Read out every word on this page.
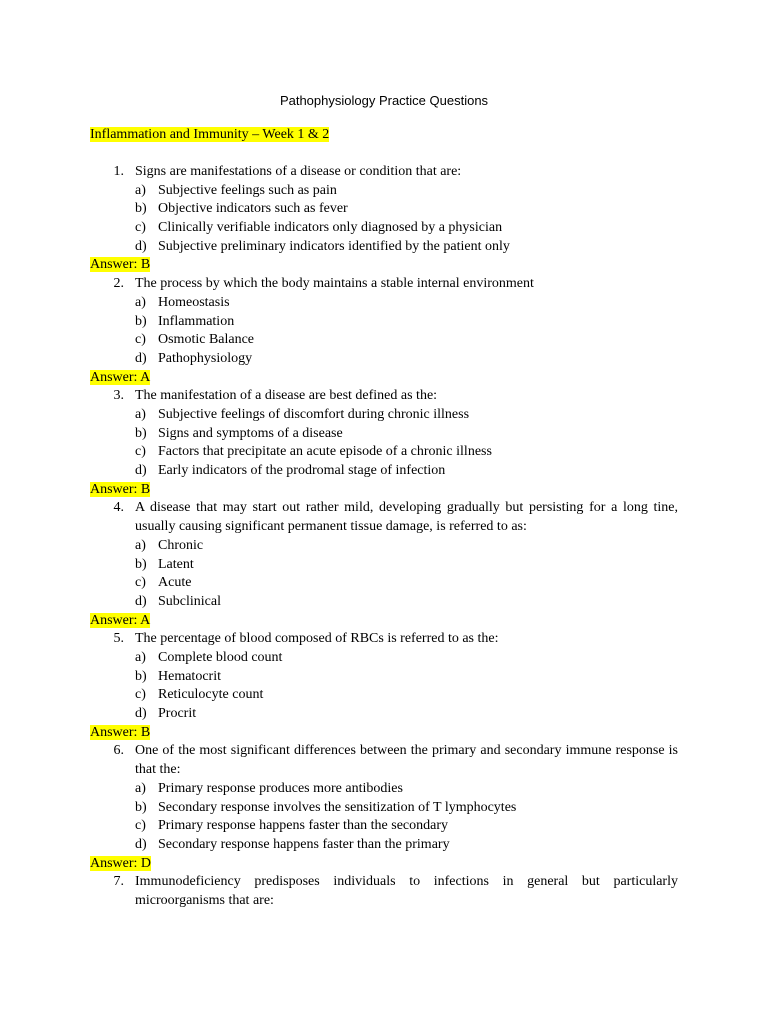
Pathophysiology Practice Questions
Inflammation and Immunity – Week 1 & 2
1. Signs are manifestations of a disease or condition that are:
a) Subjective feelings such as pain
b) Objective indicators such as fever
c) Clinically verifiable indicators only diagnosed by a physician
d) Subjective preliminary indicators identified by the patient only
Answer: B
2. The process by which the body maintains a stable internal environment
a) Homeostasis
b) Inflammation
c) Osmotic Balance
d) Pathophysiology
Answer: A
3. The manifestation of a disease are best defined as the:
a) Subjective feelings of discomfort during chronic illness
b) Signs and symptoms of a disease
c) Factors that precipitate an acute episode of a chronic illness
d) Early indicators of the prodromal stage of infection
Answer: B
4. A disease that may start out rather mild, developing gradually but persisting for a long tine, usually causing significant permanent tissue damage, is referred to as:
a) Chronic
b) Latent
c) Acute
d) Subclinical
Answer: A
5. The percentage of blood composed of RBCs is referred to as the:
a) Complete blood count
b) Hematocrit
c) Reticulocyte count
d) Procrit
Answer: B
6. One of the most significant differences between the primary and secondary immune response is that the:
a) Primary response produces more antibodies
b) Secondary response involves the sensitization of T lymphocytes
c) Primary response happens faster than the secondary
d) Secondary response happens faster than the primary
Answer: D
7. Immunodeficiency predisposes individuals to infections in general but particularly microorganisms that are:
